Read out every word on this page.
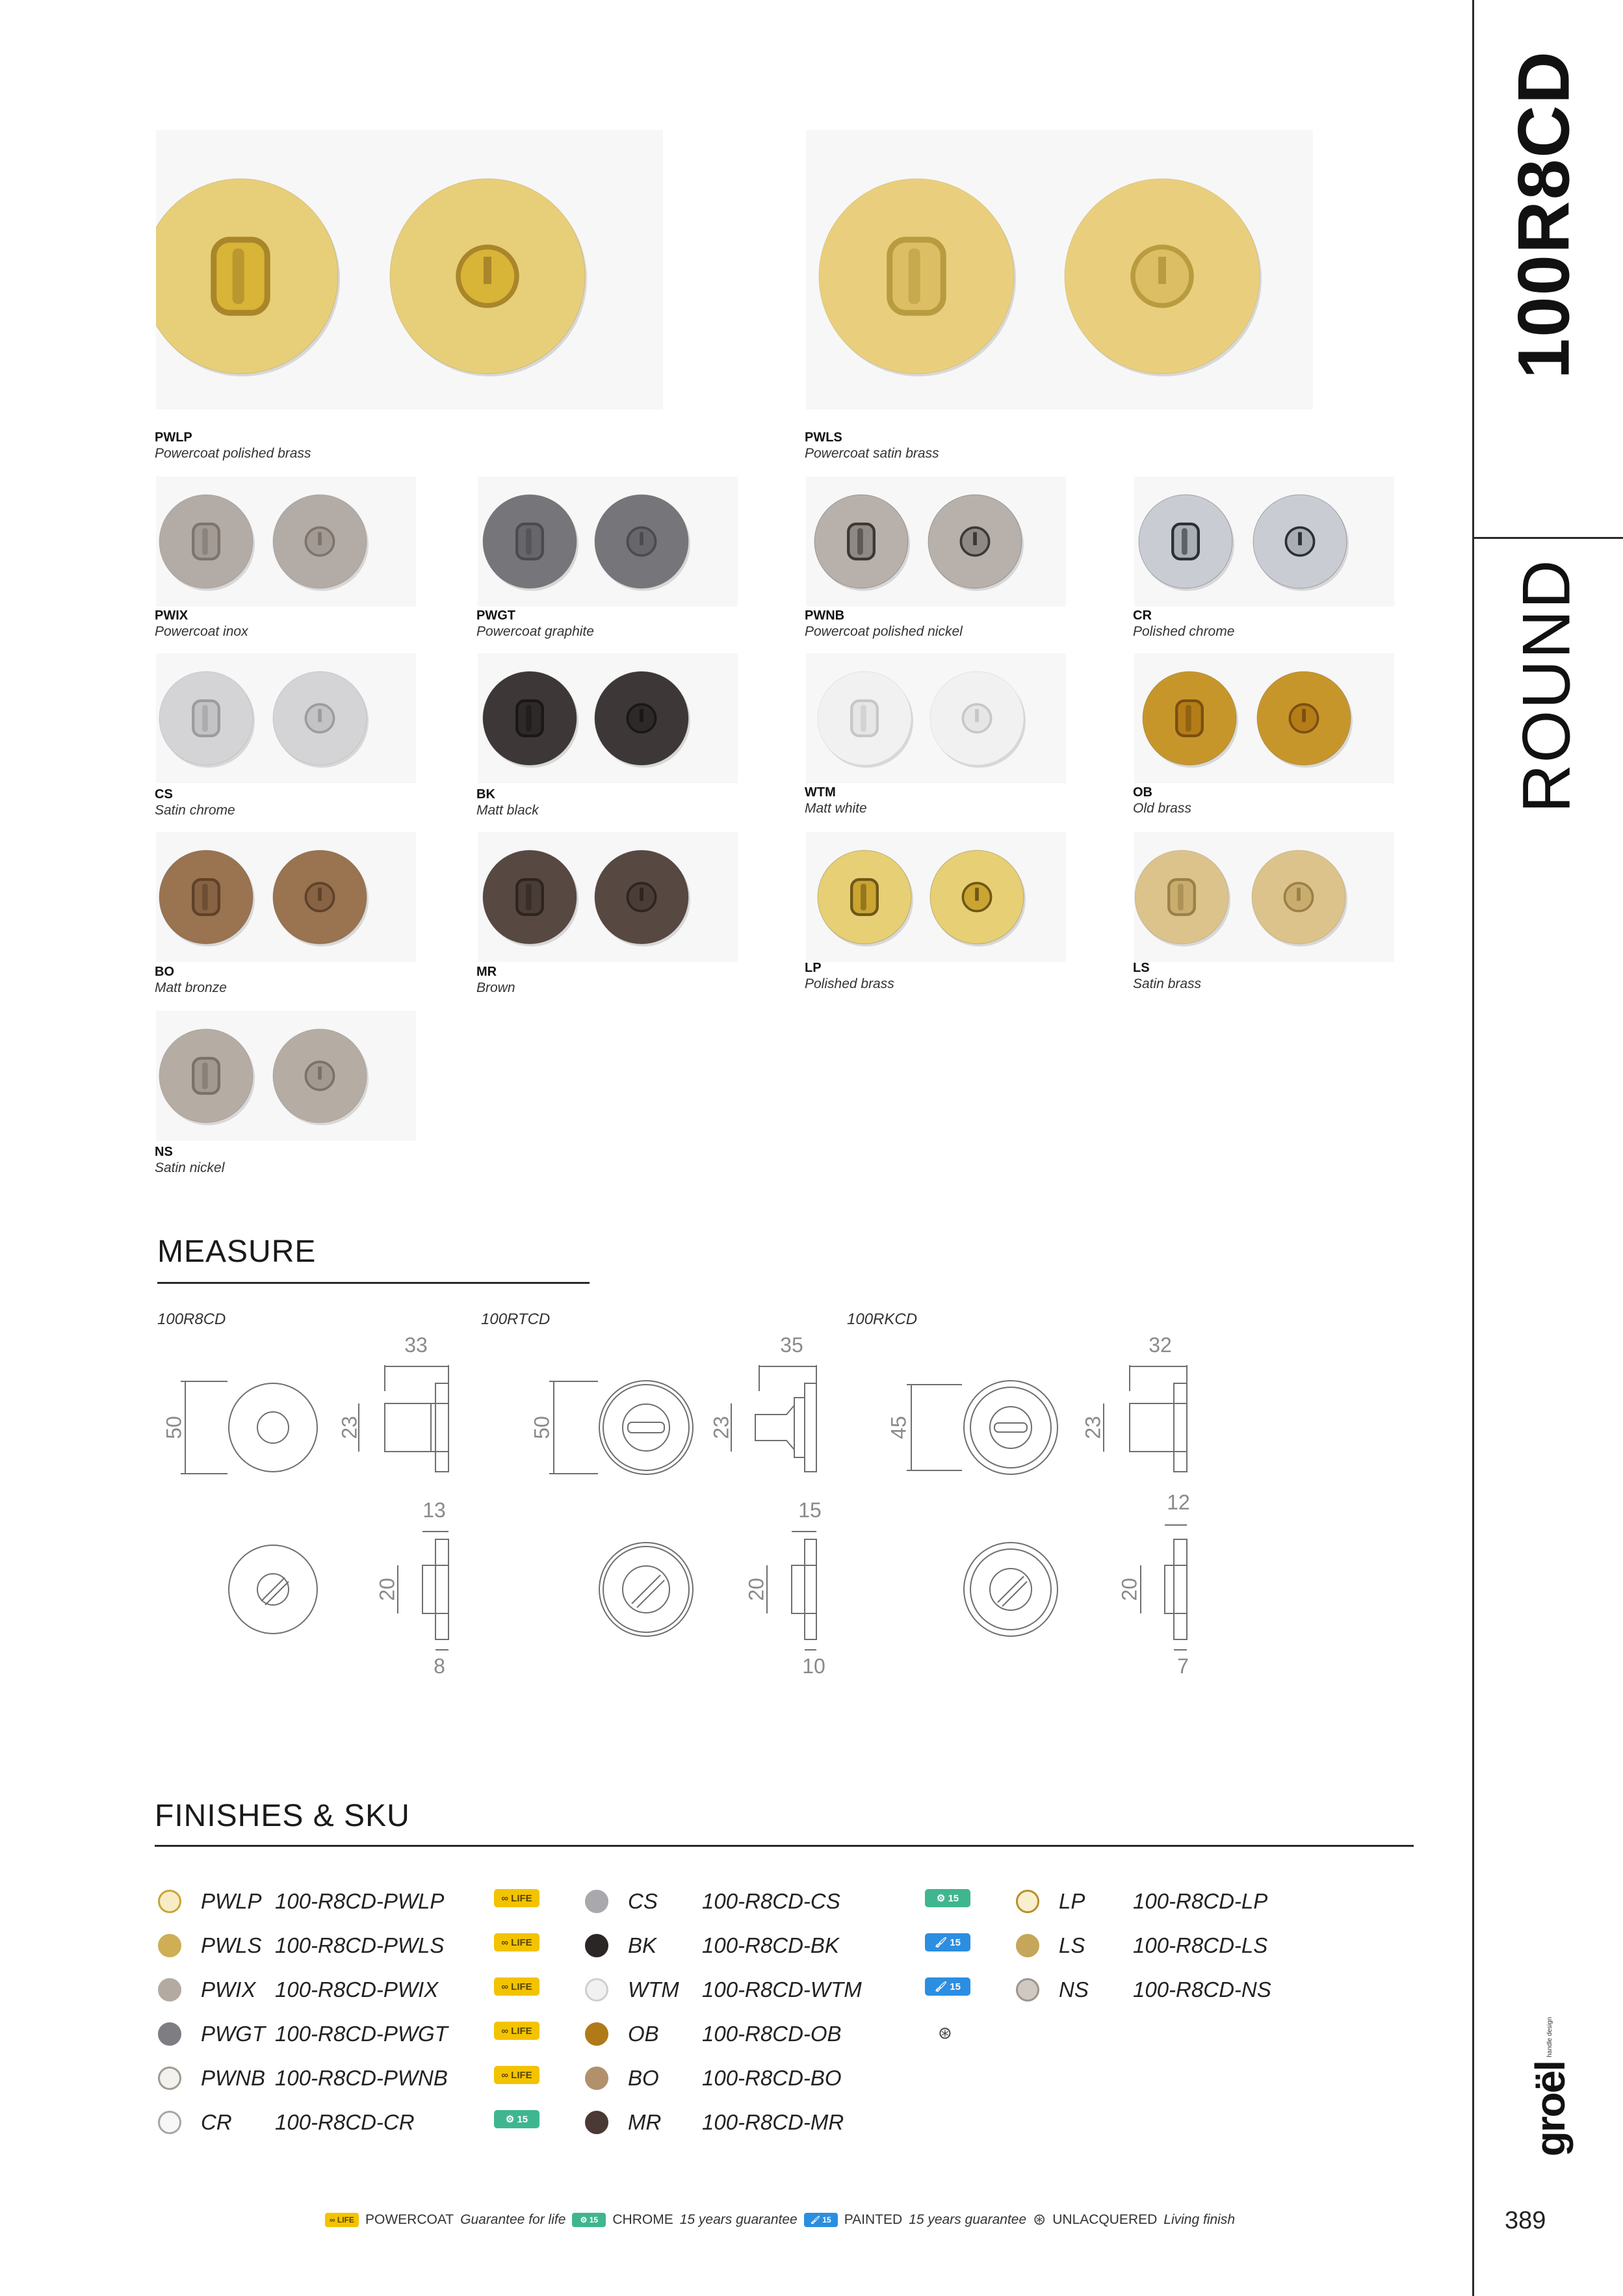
100R8CD
ROUND
groël
handle design
389
PWLP
Powercoat polished brass
PWLS
Powercoat satin brass
PWIX
Powercoat inox
PWGT
Powercoat graphite
PWNB
Powercoat polished nickel
CR
Polished chrome
CS
Satin chrome
BK
Matt black
WTM
Matt white
OB
Old brass
BO
Matt bronze
MR
Brown
LP
Polished brass
LS
Satin brass
NS
Satin nickel
MEASURE
100R8CD	100RTCD	100RKCD
33
50	23
13
20
8
35
50	23
15
20
10
32
45	23
12
20
7
FINISHES & SKU
PWLP 100-R8CD-PWLP	∞ LIFE
PWLS 100-R8CD-PWLS	∞ LIFE
PWIX 100-R8CD-PWIX	∞ LIFE
PWGT 100-R8CD-PWGT	∞ LIFE
PWNB 100-R8CD-PWNB	∞ LIFE
CR	100-R8CD-CR	⚙ 15
CS	100-R8CD-CS	⚙ 15
BK	100-R8CD-BK	🖌 15
WTM	100-R8CD-WTM	🖌 15
OB	100-R8CD-OB	⊛
BO	100-R8CD-BO
MR	100-R8CD-MR
LP	100-R8CD-LP
LS	100-R8CD-LS
NS	100-R8CD-NS
∞ LIFE POWERCOAT Guarantee for life	⚙ 15	CHROME 15 years guarantee	🖌 15 PAINTED 15 years guarantee ⊛ UNLACQUERED Living finish
